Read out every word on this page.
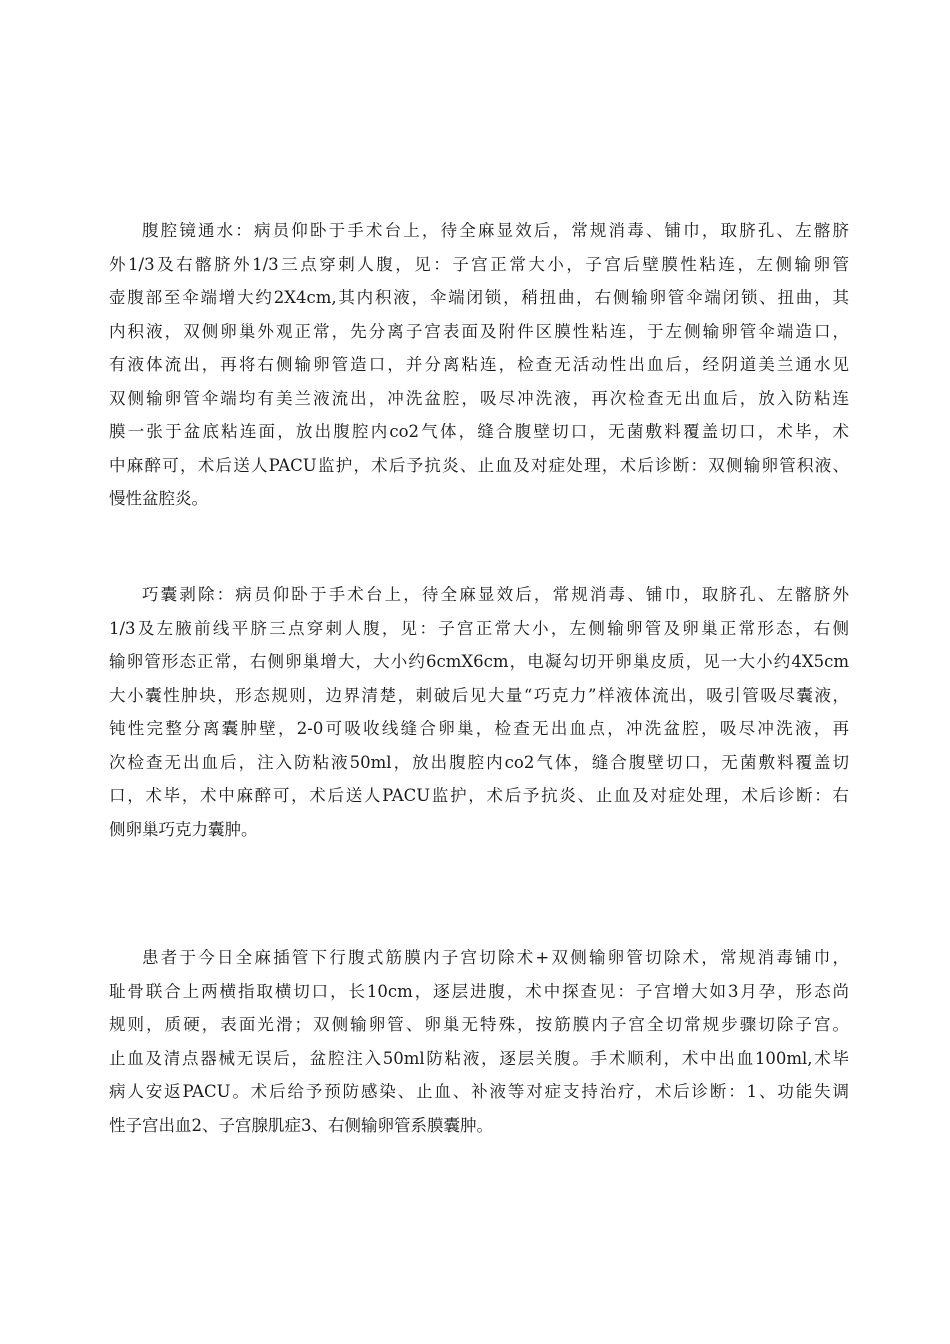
腹腔镜通水：病员仰卧于手术台上，待全麻显效后，常规消毒、铺巾，取脐孔、左髂脐
外1/3及右髂脐外1/3三点穿刺人腹，见：子宫正常大小，子宫后壁膜性粘连，左侧输卵管
壶腹部至伞端增大约2X4cm,其内积液，伞端闭锁，稍扭曲，右侧输卵管伞端闭锁、扭曲，其
内积液，双侧卵巢外观正常，先分离子宫表面及附件区膜性粘连，于左侧输卵管伞端造口，
有液体流出，再将右侧输卵管造口，并分离粘连，检查无活动性出血后，经阴道美兰通水见
双侧输卵管伞端均有美兰液流出，冲洗盆腔，吸尽冲洗液，再次检查无出血后，放入防粘连
膜一张于盆底粘连面，放出腹腔内co2气体，缝合腹壁切口，无菌敷料覆盖切口，术毕，术
中麻醉可，术后送人PACU监护，术后予抗炎、止血及对症处理，术后诊断：双侧输卵管积液、
慢性盆腔炎。
巧囊剥除：病员仰卧于手术台上，待全麻显效后，常规消毒、铺巾，取脐孔、左髂脐外
1/3及左腋前线平脐三点穿刺人腹，见：子宫正常大小，左侧输卵管及卵巢正常形态，右侧
输卵管形态正常，右侧卵巢增大，大小约6cmX6cm，电凝勾切开卵巢皮质，见一大小约4X5cm
大小囊性肿块，形态规则，边界清楚，刺破后见大量“巧克力”样液体流出，吸引管吸尽囊液，
钝性完整分离囊肿壁，2-0可吸收线缝合卵巢，检查无出血点，冲洗盆腔，吸尽冲洗液，再
次检查无出血后，注入防粘液50ml，放出腹腔内co2气体，缝合腹壁切口，无菌敷料覆盖切
口，术毕，术中麻醉可，术后送人PACU监护，术后予抗炎、止血及对症处理，术后诊断：右
侧卵巢巧克力囊肿。
患者于今日全麻插管下行腹式筋膜内子宫切除术+双侧输卵管切除术，常规消毒铺巾，
耻骨联合上两横指取横切口，长10cm，逐层进腹，术中探查见：子宫增大如3月孕，形态尚
规则，质硬，表面光滑；双侧输卵管、卵巢无特殊，按筋膜内子宫全切常规步骤切除子宫。
止血及清点器械无误后，盆腔注入50ml防粘液，逐层关腹。手术顺利，术中出血100ml,术毕
病人安返PACU。术后给予预防感染、止血、补液等对症支持治疗，术后诊断：1、功能失调
性子宫出血2、子宫腺肌症3、右侧输卵管系膜囊肿。
